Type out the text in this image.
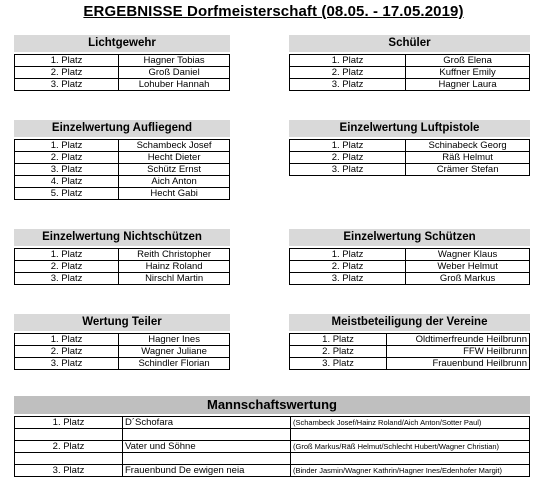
ERGEBNISSE Dorfmeisterschaft (08.05. - 17.05.2019)
Lichtgewehr
1. Platz	Hagner Tobias
2. Platz	Groß Daniel
3. Platz	Lohuber Hannah
Schüler
1. Platz	Groß Elena
2. Platz	Kuffner Emily
3. Platz	Hagner Laura
Einzelwertung Aufliegend
1. Platz	Schambeck Josef
2. Platz	Hecht Dieter
3. Platz	Schütz Ernst
4. Platz	Aich Anton
5. Platz	Hecht Gabi
Einzelwertung Luftpistole
1. Platz	Schinabeck Georg
2. Platz	Räß Helmut
3. Platz	Crämer Stefan
Einzelwertung Nichtschützen
1. Platz	Reith Christopher
2. Platz	Hainz Roland
3. Platz	Nirschl Martin
Einzelwertung Schützen
1. Platz	Wagner Klaus
2. Platz	Weber Helmut
3. Platz	Groß Markus
Wertung Teiler
1. Platz	Hagner Ines
2. Platz	Wagner Juliane
3. Platz	Schindler Florian
Meistbeteiligung der Vereine
1. Platz	Oldtimerfreunde Heilbrunn
2. Platz	FFW Heilbrunn
3. Platz	Frauenbund Heilbrunn
Mannschaftswertung
1. Platz	D´Schofara	(Schambeck Josef/Hainz Roland/Aich Anton/Sotter Paul)

2. Platz	Vater und Söhne	(Groß Markus/Räß Helmut/Schlecht Hubert/Wagner Christian)

3. Platz	Frauenbund De ewigen neia	(Binder Jasmin/Wagner Kathrin/Hagner Ines/Edenhofer Margit)
